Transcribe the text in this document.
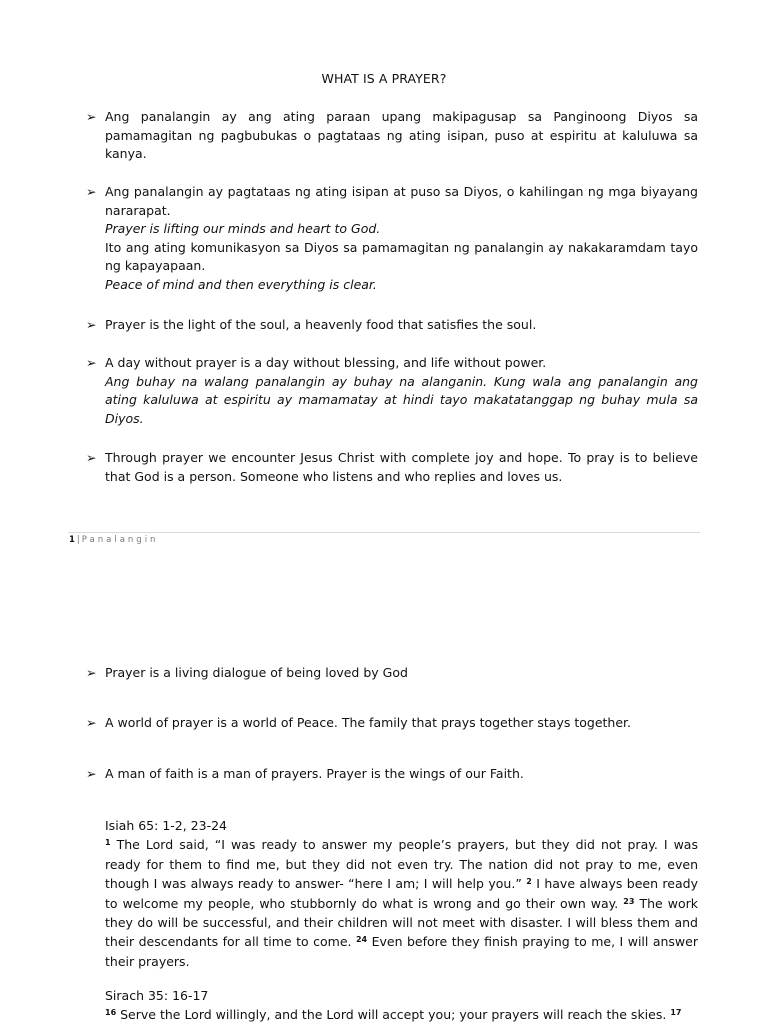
WHAT IS A PRAYER?
➢ Ang panalangin ay ang ating paraan upang makipagusap sa Panginoong Diyos sa pamamagitan ng pagbubukas o pagtataas ng ating isipan, puso at espiritu at kaluluwa sa kanya.

➢ Ang panalangin ay pagtataas ng ating isipan at puso sa Diyos, o kahilingan ng mga biyayang nararapat.

Prayer is lifting our minds and heart to God.

Ito ang ating komunikasyon sa Diyos sa pamamagitan ng panalangin ay nakakaramdam tayo ng kapayapaan.

Peace of mind and then everything is clear.

➢ Prayer is the light of the soul, a heavenly food that satisfies the soul.

➢ A day without prayer is a day without blessing, and life without power.

Ang buhay na walang panalangin ay buhay na alanganin. Kung wala ang panalangin ang ating kaluluwa at espiritu ay mamamatay at hindi tayo makatatanggap ng buhay mula sa Diyos.

➢ Through prayer we encounter Jesus Christ with complete joy and hope. To pray is to believe that God is a person. Someone who listens and who replies and loves us.

1 | Panalangin
➢ Prayer is a living dialogue of being loved by God

➢ A world of prayer is a world of Peace. The family that prays together stays together.

➢ A man of faith is a man of prayers. Prayer is the wings of our Faith.

Isiah 65: 1-2, 23-24

$^1$ The Lord said, “I was ready to answer my people’s prayers, but they did not pray. I was ready for them to find me, but they did not even try. The nation did not pray to me, even though I was always ready to answer- “here I am; I will help you.” $^2$ I have always been ready to welcome my people, who stubbornly do what is wrong and go their own way. $^{23}$ The work they do will be successful, and their children will not meet with disaster. I will bless them and their descendants for all time to come. $^{24}$ Even before they finish praying to me, I will answer their prayers.

Sirach 35: 16-17

$^{16}$ Serve the Lord willingly, and the Lord will accept you; your prayers will reach the skies. $^{17}$
